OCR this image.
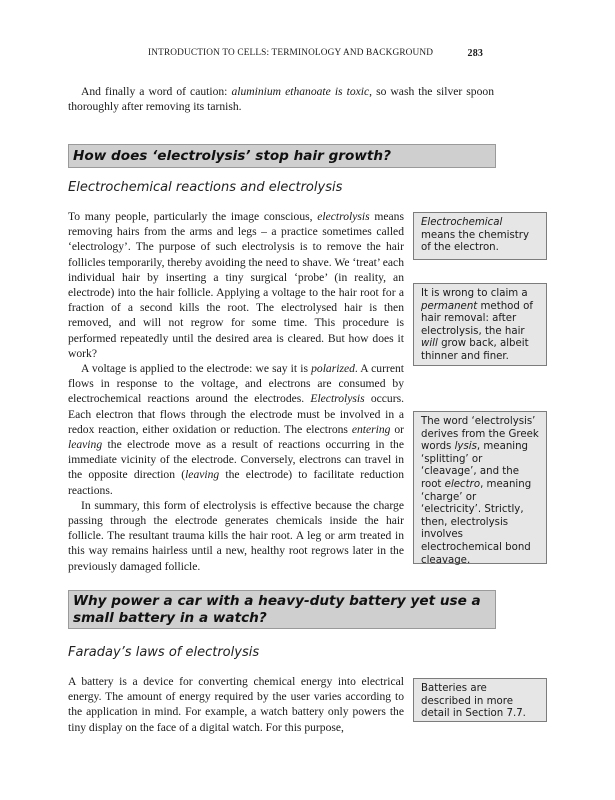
INTRODUCTION TO CELLS: TERMINOLOGY AND BACKGROUND	283

And finally a word of caution: aluminium ethanoate is toxic, so wash the silver spoon thoroughly after removing its tarnish.

How does ‘electrolysis’ stop hair growth?
Electrochemical reactions and electrolysis

To many people, particularly the image conscious, electrolysis means removing hairs from the arms and legs – a practice sometimes called ‘electrology’. The purpose of such electrolysis is to remove the hair follicles temporarily, thereby avoiding the need to shave. We ‘treat’ each individual hair by inserting a tiny surgical ‘probe’ (in reality, an electrode) into the hair follicle. Applying a voltage to the hair root for a fraction of a second kills the root. The electrolysed hair is then removed, and will not regrow for some time. This procedure is performed repeatedly until the desired area is cleared. But how does it work?

A voltage is applied to the electrode: we say it is polarized. A current flows in response to the voltage, and electrons are consumed by electrochemical reactions around the electrodes. Electrolysis occurs. Each electron that flows through the electrode must be involved in a redox reaction, either oxidation or reduction. The electrons entering or leaving the electrode move as a result of reactions occurring in the immediate vicinity of the electrode. Conversely, electrons can travel in the opposite direction (leaving the electrode) to facilitate reduction reactions.

In summary, this form of electrolysis is effective because the charge passing through the electrode generates chemicals inside the hair follicle. The resultant trauma kills the hair root. A leg or arm treated in this way remains hairless until a new, healthy root regrows later in the previously damaged follicle.

Electrochemical means the chemistry of the electron.
It is wrong to claim a permanent method of hair removal: after electrolysis, the hair will grow back, albeit thinner and finer.
The word ‘electrolysis’ derives from the Greek words lysis, meaning ‘splitting’ or ‘cleavage’, and the root electro, meaning ‘charge’ or ‘electricity’. Strictly, then, electrolysis involves electrochemical bond cleavage.
Why power a car with a heavy-duty battery yet use a
small battery in a watch?
Faraday’s laws of electrolysis

A battery is a device for converting chemical energy into electrical energy. The amount of energy required by the user varies according to the application in mind. For example, a watch battery only powers the tiny display on the face of a digital watch. For this purpose,

Batteries are described in more detail in Section 7.7.
